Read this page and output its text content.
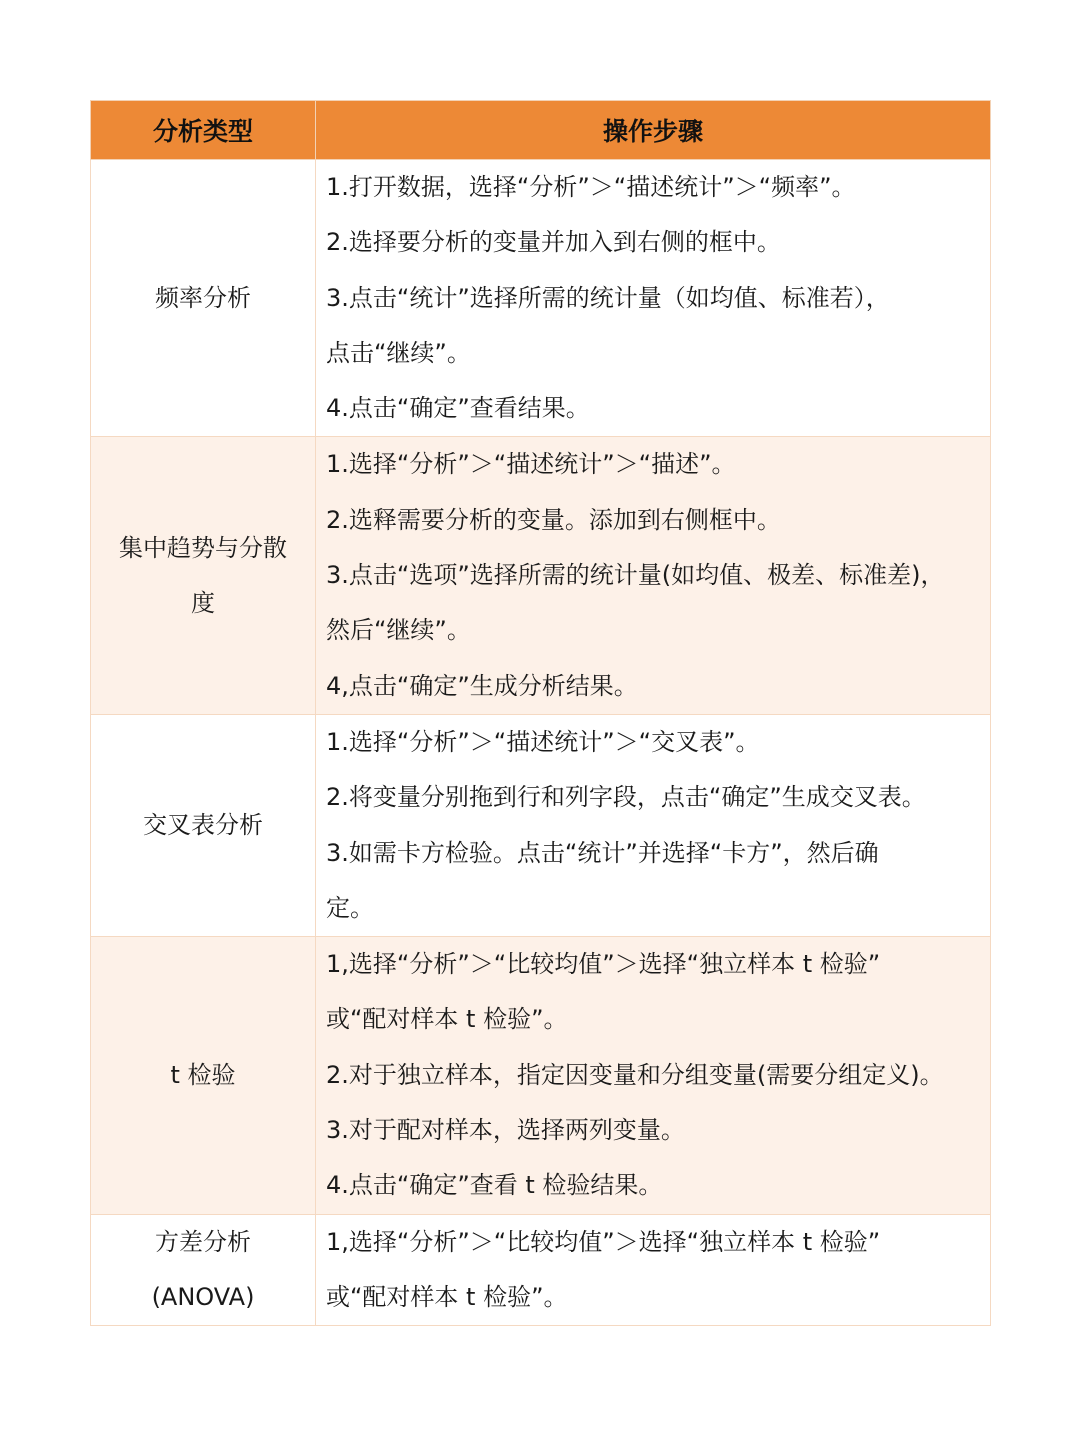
分析类型	操作步骤

频率分析	1.打开数据，选择“分析”＞“描述统计”＞“频率”。
2.选择要分析的变量并加入到右侧的框中。
3.点击“统计”选择所需的统计量（如均值、标准若），
点击“继续”。
4.点击“确定”查看结果。

集中趋势与分散
度	1.选择“分析”＞“描述统计”＞“描述”。
2.选释需要分析的变量。添加到右侧框中。
3.点击“选项”选择所需的统计量(如均值、极差、标准差)，
然后“继续”。
4,点击“确定”生成分析结果。

交叉表分析	1.选择“分析”＞“描述统计”＞“交叉表”。
2.将变量分别拖到行和列字段，点击“确定”生成交叉表。
3.如需卡方检验。点击“统计”并选择“卡方”，然后确
定。

t 检验	1,选择“分析”＞“比较均值”＞选择“独立样本 t 检验”
或“配对样本 t 检验”。
2.对于独立样本，指定因变量和分组变量(需要分组定义)。
3.对于配对样本，选择两列变量。
4.点击“确定”查看 t 检验结果。

方差分析
(ANOVA)	1,选择“分析”＞“比较均值”＞选择“独立样本 t 检验”
或“配对样本 t 检验”。
